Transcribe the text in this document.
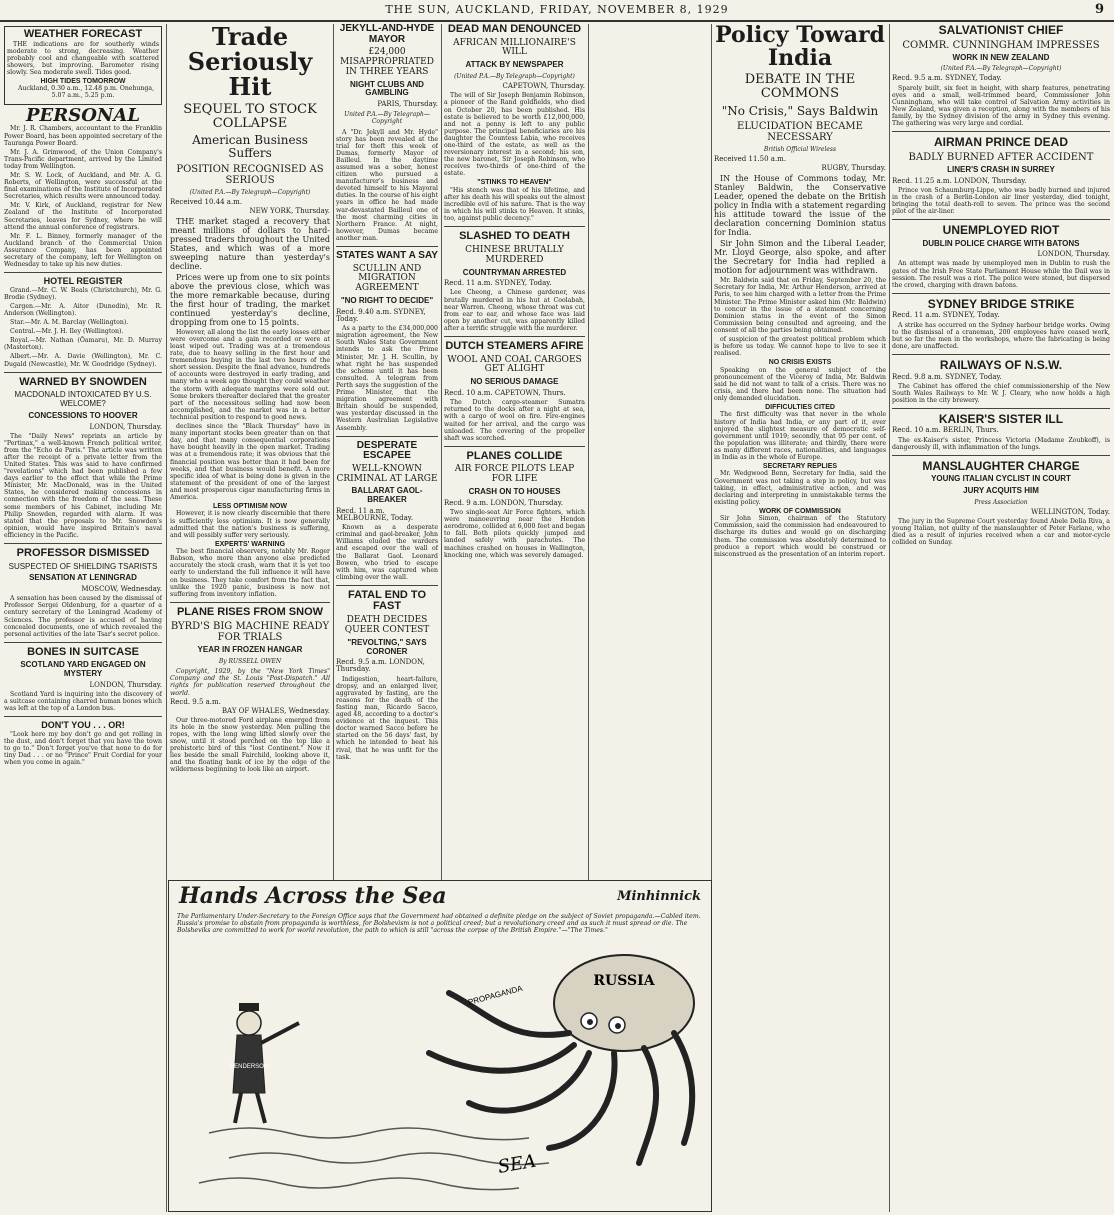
THE SUN, AUCKLAND, FRIDAY, NOVEMBER 8, 1929	9
WEATHER FORECAST
THE indications are for southerly winds moderate to strong, decreasing. Weather probably cool and changeable with scattered showers, but improving. Barometer rising slowly. Sea moderate swell. Tides good.
HIGH TIDES TOMORROW
Auckland, 0.30 a.m., 12.48 p.m. Onehunga, 5.07 a.m., 5.25 p.m.
PERSONAL
Mr. J. R. Chambers, accountant to the Franklin Power Board, has been appointed secretary of the Tauranga Power Board.
Mr. J. A. Grimwood, of the Union Company's Trans-Pacific department, arrived by the Limited today from Wellington.
Mr. S. W. Lock, of Auckland, and Mr. A. G. Roberts, of Wellington, were successful at the final examinations of the Institute of Incorporated Secretaries, which results were announced today.
Mr. V. Kirk, of Auckland, registrar for New Zealand of the Institute of Incorporated Secretaries, leaves for Sydney, where he will attend the annual conference of registrars.
Mr. F. L. Binney, formerly manager of the Auckland branch of the Commercial Union Assurance Company, has been appointed secretary of the company, left for Wellington on Wednesday to take up his new duties.
HOTEL REGISTER
Grand.—Mr. C. W. Beals (Christchurch), Mr. G. Brodie (Sydney).
Cargen.—Mr. A. Aitor (Dunedin), Mr. R. Anderson (Wellington).
Star.—Mr. A. M. Barclay (Wellington).
Central.—Mr. J. H. Iley (Wellington).
Royal.—Mr. Nathan (Ōamaru), Mr. D. Murray (Masterton).
Albert.—Mr. A. Davie (Wellington), Mr. C. Dugald (Newcastle), Mr. W. Goodridge (Sydney).
WARNED BY SNOWDEN
MACDONALD INTOXICATED BY U.S. WELCOME?
CONCESSIONS TO HOOVER
LONDON, Thursday.
The "Daily News" reprints an article by "Pertinax," a well-known French political writer, from the "Echo de Paris." The article was written after the receipt of a private letter from the United States. This was said to have confirmed "revelations" which had been published a few days earlier to the effect that while the Prime Minister, Mr. MacDonald, was in the United States, he considered making concessions in connection with the freedom of the seas. These some members of his Cabinet, including Mr. Philip Snowden, regarded with alarm. It was stated that the proposals to Mr. Snowden's opinion, would have inspired Britain's naval efficiency in the Pacific.
PROFESSOR DISMISSED
SUSPECTED OF SHIELDING TSARISTS
SENSATION AT LENINGRAD
MOSCOW, Wednesday.
A sensation has been caused by the dismissal of Professor Sergei Oldenburg, for a quarter of a century secretary of the Leningrad Academy of Sciences. The professor is accused of having concealed documents, one of which revealed the personal activities of the late Tsar's secret police.
BONES IN SUITCASE
SCOTLAND YARD ENGAGED ON MYSTERY
LONDON, Thursday.
Scotland Yard is inquiring into the discovery of a suitcase containing charred human bones which was left at the top of a London bus.
DON'T YOU . . . OR!
"Look here my boy don't go and get rolling in the dust, and don't forget that you have the town to go to." Don't forget you've that none to do for tiny Dad . . . or no "Prince" Fruit Cordial for your when you come in again."
Trade Seriously Hit
SEQUEL TO STOCK COLLAPSE
American Business Suffers
POSITION RECOGNISED AS SERIOUS
(United P.A.—By Telegraph—Copyright)
Received 10.44 a.m.
NEW YORK, Thursday.
THE market staged a recovery that meant millions of dollars to hard-pressed traders throughout the United States, and which was of a more sweeping nature than yesterday's decline.
Prices were up from one to six points above the previous close, which was the more remarkable because, during the first hour of trading, the market continued yesterday's decline, dropping from one to 15 points.
However, all along the list the early losses either were overcome and a gain recorded or were at least wiped out. Trading was at a tremendous rate, due to heavy selling in the first hour and tremendous buying in the last two hours of the short session. Despite the final advance, hundreds of accounts were destroyed in early trading, and many who a week ago thought they could weather the storm with adequate margins were sold out. Some brokers thereafter declared that the greater part of the necessitous selling had now been accomplished, and the market was in a better technical position to respond to good news.
declines since the "Black Thursday" have in many important stocks been greater than on that day, and that many consequential corporations have bought heavily in the open market. Trading was at a tremendous rate; it was obvious that the financial position was better than it had been for weeks, and that business would benefit. A more specific idea of what is being done is given in the statement of the president of one of the largest and most prosperous cigar manufacturing firms in America.
LESS OPTIMISM NOW
However, it is now clearly discernible that there is sufficiently less optimism. It is now generally admitted that the nation's business is suffering, and will possibly suffer very seriously.
EXPERTS' WARNING
The best financial observers, notably Mr. Roger Babson, who more than anyone else predicted accurately the stock crash, warn that it is yet too early to understand the full influence it will have on business. They take comfort from the fact that, unlike the 1920 panic, business is now not suffering from inventory inflation.
PLANE RISES FROM SNOW
BYRD'S BIG MACHINE READY FOR TRIALS
YEAR IN FROZEN HANGAR
By RUSSELL OWEN
Copyright, 1929, by the "New York Times" Company and the St. Louis "Post-Dispatch." All rights for publication reserved throughout the world.
Recd. 9.5 a.m.
BAY OF WHALES, Wednesday.
Our three-motored Ford airplane emerged from its hole in the snow yesterday. Men pulling the ropes, with the long wing lifted slowly over the snow, until it stood perched on the top like a prehistoric bird of this "lost Continent." Now it lies beside the small Fairchild, looking above it, and the floating bank of ice by the edge of the wilderness beginning to look like an airport.
JEKYLL-AND-HYDE MAYOR
£24,000 MISAPPROPRIATED IN THREE YEARS
NIGHT CLUBS AND GAMBLING
PARIS, Thursday.
United P.A.—By Telegraph—Copyright
A "Dr. Jekyll and Mr. Hyde" story has been revealed at the trial for theft this week of Dumas, formerly Mayor of Bailleul. In the daytime assumed was a sober, honest citizen who pursued a manufacturer's business and devoted himself to his Mayoral duties. In the course of his eight years in office he had made war-devastated Bailleul one of the most charming cities in Northern France. At night, however, Dumas became another man.
STATES WANT A SAY
SCULLIN AND MIGRATION AGREEMENT
"NO RIGHT TO DECIDE"
Recd. 9.40 a.m. SYDNEY, Today.
As a party to the £34,000,000 migration agreement, the New South Wales State Government intends to ask the Prime Minister, Mr. J. H. Scullin, by what right he has suspended the scheme until it has been consulted. A telegram from Perth says the suggestion of the Prime Minister, that the migration agreement with Britain should be suspended, was yesterday discussed in the Western Australian Legislative Assembly.
DESPERATE ESCAPEE
WELL-KNOWN CRIMINAL AT LARGE
BALLARAT GAOL-BREAKER
Recd. 11 a.m. MELBOURNE, Today.
Known as a desperate criminal and gaol-breaker, John Williams eluded the warders and escaped over the wall of the Ballarat Gaol. Leonard Bowen, who tried to escape with him, was captured when climbing over the wall.
FATAL END TO FAST
DEATH DECIDES QUEER CONTEST
"REVOLTING," SAYS CORONER
Recd. 9.5 a.m. LONDON, Thursday.
Indigestion, heart-failure, dropsy, and an enlarged liver, aggravated by fasting, are the reasons for the death of the fasting man, Ricardo Sacco, aged 48, according to a doctor's evidence at the inquest. This doctor warned Sacco before he started on the 56 days' fast, by which he intended to beat his rival, that he was unfit for the task.
DEAD MAN DENOUNCED
AFRICAN MILLIONAIRE'S WILL
ATTACK BY NEWSPAPER
(United P.A.—By Telegraph—Copyright)
CAPETOWN, Thursday.
The will of Sir Joseph Benjamin Robinson, a pioneer of the Rand goldfields, who died on October 20, has been published. His estate is believed to be worth £12,000,000, and not a penny is left to any public purpose. The principal beneficiaries are his daughter the Countess Labia, who receives one-third of the estate, as well as the reversionary interest in a second; his son, the new baronet, Sir Joseph Robinson, who receives two-thirds of one-third of the estate.
"STINKS TO HEAVEN"
"His stench was that of his lifetime, and after his death his will speaks out the almost incredible evil of his nature. That is the way in which his will stinks to Heaven. It stinks, too, against public decency."
SLASHED TO DEATH
CHINESE BRUTALLY MURDERED
COUNTRYMAN ARRESTED
Recd. 11 a.m. SYDNEY, Today.
Lee Cheong, a Chinese gardener, was brutally murdered in his hut at Coolabah, near Warren. Cheong, whose throat was cut from ear to ear, and whose face was laid open by another cut, was apparently killed after a terrific struggle with the murderer.
DUTCH STEAMERS AFIRE
WOOL AND COAL CARGOES GET ALIGHT
NO SERIOUS DAMAGE
Recd. 10 a.m. CAPETOWN, Thurs.
The Dutch cargo-steamer Sumatra returned to the docks after a night at sea, with a cargo of wool on fire. Fire-engines waited for her arrival, and the cargo was unloaded. The covering of the propeller shaft was scorched.
PLANES COLLIDE
AIR FORCE PILOTS LEAP FOR LIFE
CRASH ON TO HOUSES
Recd. 9 a.m. LONDON, Thursday.
Two single-seat Air Force fighters, which were manoeuvring near the Hendon aerodrome, collided at 6,000 feet and began to fall. Both pilots quickly jumped and landed safely with parachutes. The machines crashed on houses in Wallington, knocking one, which was severely damaged.
Policy Toward India
DEBATE IN THE COMMONS
"No Crisis," Says Baldwin
ELUCIDATION BECAME NECESSARY
British Official Wireless
Received 11.50 a.m.
RUGBY, Thursday.
IN the House of Commons today, Mr. Stanley Baldwin, the Conservative Leader, opened the debate on the British policy in India with a statement regarding his attitude toward the issue of the declaration concerning Dominion status for India.
Sir John Simon and the Liberal Leader, Mr. Lloyd George, also spoke, and after the Secretary for India had replied a motion for adjournment was withdrawn.
Mr. Baldwin said that on Friday, September 20, the Secretary for India, Mr. Arthur Henderson, arrived at Paris, to see him charged with a letter from the Prime Minister. The Prime Minister asked him (Mr. Baldwin) to concur in the issue of a statement concerning Dominion status in the event of the Simon Commission being consulted and agreeing, and the consent of all the parties being obtained.
of suspicion of the greatest political problem which is before us today. We cannot hope to live to see it realised.
NO CRISIS EXISTS
Speaking on the general subject of the pronouncement of the Viceroy of India, Mr. Baldwin said he did not want to talk of a crisis. There was no crisis, and there had been none. The situation had only demanded elucidation.
DIFFICULTIES CITED
The first difficulty was that never in the whole history of India had India, or any part of it, ever enjoyed the slightest measure of democratic self-government until 1919; secondly, that 95 per cent. of the population was illiterate; and thirdly, there were as many different races, nationalities, and languages in India as in the whole of Europe.
SECRETARY REPLIES
Mr. Wedgwood Benn, Secretary for India, said the Government was not taking a step in policy, but was taking, in effect, administrative action, and was declaring and interpreting in unmistakable terms the existing policy.
WORK OF COMMISSION
Sir John Simon, chairman of the Statutory Commission, said the commission had endeavoured to discharge its duties and would go on discharging them. The commission was absolutely determined to produce a report which would be construed or misconstrued as the presentation of an interim report.
SALVATIONIST CHIEF
COMMR. CUNNINGHAM IMPRESSES
WORK IN NEW ZEALAND
(United P.A.—By Telegraph—Copyright)
Recd. 9.5 a.m. SYDNEY, Today.
Sparely built, six feet in height, with sharp features, penetrating eyes and a small, well-trimmed beard, Commissioner John Cunningham, who will take control of Salvation Army activities in New Zealand, was given a reception, along with the members of his family, by the Sydney division of the army in Sydney this evening. The gathering was very large and cordial.
AIRMAN PRINCE DEAD
BADLY BURNED AFTER ACCIDENT
LINER'S CRASH IN SURREY
Recd. 11.25 a.m. LONDON, Thursday.
Prince von Schaumburg-Lippe, who was badly burned and injured in the crash of a Berlin-London air liner yesterday, died tonight, bringing the total death-roll to seven. The prince was the second pilot of the air-liner.
UNEMPLOYED RIOT
DUBLIN POLICE CHARGE WITH BATONS
LONDON, Thursday.
An attempt was made by unemployed men in Dublin to rush the gates of the Irish Free State Parliament House while the Dail was in session. The result was a riot. The police were stoned, but dispersed the crowd, charging with drawn batons.
SYDNEY BRIDGE STRIKE
Recd. 11 a.m. SYDNEY, Today.
A strike has occurred on the Sydney harbour bridge works. Owing to the dismissal of a craneman, 200 employees have ceased work, but so far the men in the workshops, where the fabricating is being done, are unaffected.
RAILWAYS OF N.S.W.
Recd. 9.8 a.m. SYDNEY, Today.
The Cabinet has offered the chief commissionership of the New South Wales Railways to Mr. W. J. Cleary, who now holds a high position in the city brewery.
KAISER'S SISTER ILL
Recd. 10 a.m. BERLIN, Thurs.
The ex-Kaiser's sister, Princess Victoria (Madame Zoubkoff), is dangerously ill, with inflammation of the lungs.
MANSLAUGHTER CHARGE
YOUNG ITALIAN CYCLIST IN COURT
JURY ACQUITS HIM
Press Association
WELLINGTON, Today.
The jury in the Supreme Court yesterday found Abele Della Riva, a young Italian, not guilty of the manslaughter of Peter Farlane, who died as a result of injuries received when a car and motor-cycle collided on Sunday.
Hands Across the Sea	Minhinnick
The Parliamentary Under-Secretary to the Foreign Office says that the Government had obtained a definite pledge on the subject of Soviet propaganda.—Cabled item. Russia's promise to abstain from propaganda is worthless, for Bolshevism is not a political creed; but a revolutionary creed and as such it must spread or die. The Bolsheviks are committed to work for world revolution, the path to which is still "across the corpse of the British Empire."—"The Times."
RUSSIA
PROPAGANDA
SEA
HENDERSON
